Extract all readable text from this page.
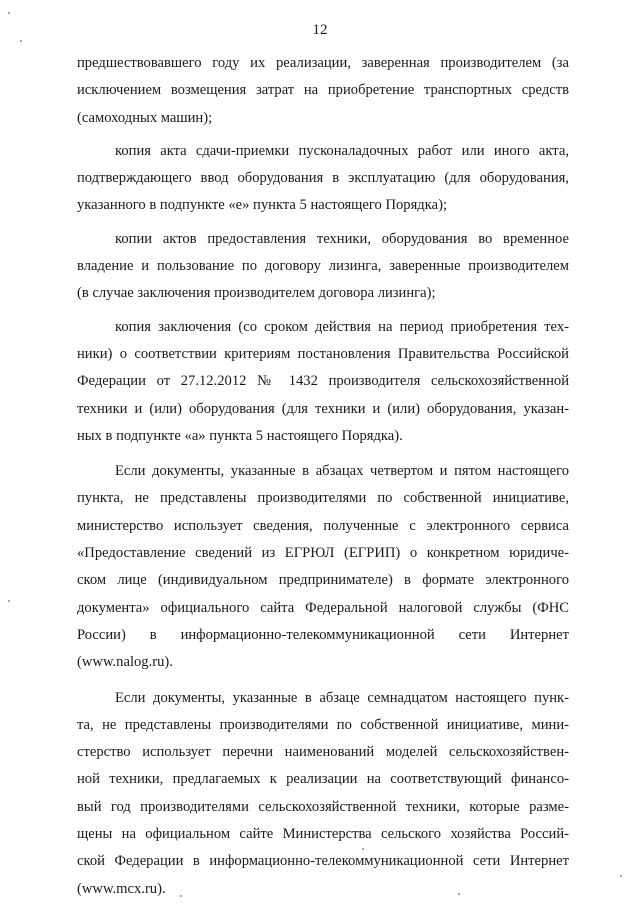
12
предшествовавшего году их реализации, заверенная производителем (за
исключением возмещения затрат на приобретение транспортных средств
(самоходных машин);
копия акта сдачи-приемки пусконаладочных работ или иного акта,
подтверждающего ввод оборудования в эксплуатацию (для оборудования,
указанного в подпункте «е» пункта 5 настоящего Порядка);
копии актов предоставления техники, оборудования во временное
владение и пользование по договору лизинга, заверенные производителем
(в случае заключения производителем договора лизинга);
копия заключения (со сроком действия на период приобретения тех-
ники) о соответствии критериям постановления Правительства Российской
Федерации от 27.12.2012 № 1432 производителя сельскохозяйственной
техники и (или) оборудования (для техники и (или) оборудования, указан-
ных в подпункте «а» пункта 5 настоящего Порядка).
Если документы, указанные в абзацах четвертом и пятом настоящего
пункта, не представлены производителями по собственной инициативе,
министерство использует сведения, полученные с электронного сервиса
«Предоставление сведений из ЕГРЮЛ (ЕГРИП) о конкретном юридиче-
ском лице (индивидуальном предпринимателе) в формате электронного
документа» официального сайта Федеральной налоговой службы (ФНС
России) в информационно-телекоммуникационной сети Интернет
(www.nalog.ru).
Если документы, указанные в абзаце семнадцатом настоящего пунк-
та, не представлены производителями по собственной инициативе, мини-
стерство использует перечни наименований моделей сельскохозяйствен-
ной техники, предлагаемых к реализации на соответствующий финансо-
вый год производителями сельскохозяйственной техники, которые разме-
щены на официальном сайте Министерства сельского хозяйства Россий-
ской Федерации в информационно-телекоммуникационной сети Интернет
(www.mcx.ru).
